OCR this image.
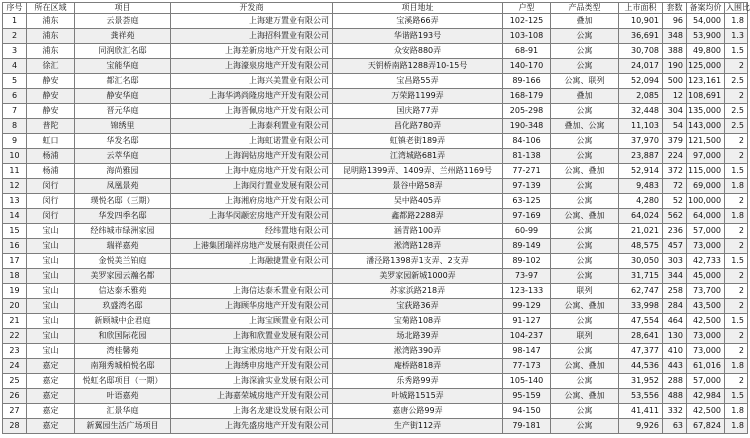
序号	所在区域	项目	开发商	项目地址	户型	产品类型	上市面积	套数	备案均价	入围比
1	浦东	云景荟庭	上海建万置业有限公司	宝溪路66弄	102-125	叠加	10,901	96	54,000	1.8
2	浦东	龚祥苑	上海招科置业有限公司	华谐路193号	103-108	公寓	36,691	348	53,900	1.3
3	浦东	同润欣汇名邸	上海差新房地产开发有限公司	众安路880弄	68-91	公寓	30,708	388	49,800	1.5
4	徐汇	宝能华庭	上海濠泉房地产开发有限公司	天钥桥南路1288弄10-15号	140-170	公寓	24,017	190	125,000	2
5	静安	都汇名邸	上海兴美置业有限公司	宝昌路55弄	89-166	公寓、联列	52,094	500	123,161	2.5
6	静安	静安华庭	上海华鸿尚隆房地产开发有限公司	万荣路1199弄	168-179	叠加	2,085	12	108,691	2
7	静安	晋元华庭	上海晋佩房地产开发有限公司	国庆路77弄	205-298	公寓	32,448	304	135,000	2.5
8	普陀	锦绣里	上海泰利置业有限公司	昌化路780弄	190-348	叠加、公寓	11,103	54	143,000	2.5
9	虹口	华发名邸	上海虹诺置业有限公司	虹镇老街189弄	84-106	公寓	37,970	379	121,500	2
10	杨浦	云萃华庭	上海润钻房地产开发有限公司	江湾城路681弄	81-138	公寓	23,887	224	97,000	2
11	杨浦	海尚雅园	上海中庭房地产开发有限公司	昆明路1399弄、1409弄、兰州路1169号	77-271	公寓、叠加	52,914	372	115,000	1.5
12	闵行	凤凰景苑	上海闵行置业发展有限公司	景谷中路58弄	97-139	公寓	9,483	72	69,000	1.8
13	闵行	璞悦名邸（三期）	上海湘府房地产开发有限公司	吴中路405弄	63-125	公寓	4,280	52	100,000	2
14	闵行	华发四季名邸	上海华闵颛宏房地产开发有限公司	鑫都路2288弄	97-169	公寓、叠加	64,024	562	64,000	1.8
15	宝山	经纬城市绿洲家园	经纬置地有限公司	涵青路100弄	60-99	公寓	21,021	236	57,000	2
16	宝山	瑞祥嘉苑	上港集团瑞祥房地产发展有限责任公司	淞湾路128弄	89-149	公寓	48,575	457	73,000	2
17	宝山	金悦美兰铂庭	上海融捷置业有限公司	潘泾路1398弄1支弄、2支弄	89-102	公寓	30,050	303	42,733	1.5
18	宝山	美罗家园云瀚名都		美罗家园新城1000弄	73-97	公寓	31,715	344	45,000	2
19	宝山	信达泰禾雅苑	上海信达泰禾置业有限公司	苏家浜路218弄	123-133	联列	62,747	258	73,700	2
20	宝山	玖盛湾名邸	上海顾华房地产开发有限公司	宝荻路36弄	99-129	公寓、叠加	33,998	284	43,500	2
21	宝山	新顾城中企君庭	上海宝顾置业有限公司	宝菊路108弄	91-127	公寓	47,554	464	42,500	1.5
22	宝山	和欣国际花园	上海和欣置业发展有限公司	场北路39弄	104-237	联列	28,641	130	73,000	2
23	宝山	湾桂馨苑	上海宝淞房地产开发有限公司	淞湾路390弄	98-147	公寓	47,377	410	73,000	2
24	嘉定	南翔秀城柏悦名邸	上海绣申房地产开发有限公司	庵桥路818弄	77-173	公寓、叠加	44,536	443	61,016	1.8
25	嘉定	悦虹名邸项目（一期）	上海深渝实业发展有限公司	乐秀路99弄	105-140	公寓	31,952	288	57,000	2
26	嘉定	叶语嘉苑	上海嘉荣城房地产开发有限公司	叶城路1515弄	95-159	公寓、叠加	53,556	488	42,984	1.5
27	嘉定	汇景华庭	上海名龙建设发展有限公司	嘉唐公路99弄	94-150	公寓	41,411	332	42,500	1.8
28	嘉定	新翼园生活广场项目	上海先盛房地产开发有限公司	生产街112弄	79-181	公寓	9,926	63	67,824	1.8
